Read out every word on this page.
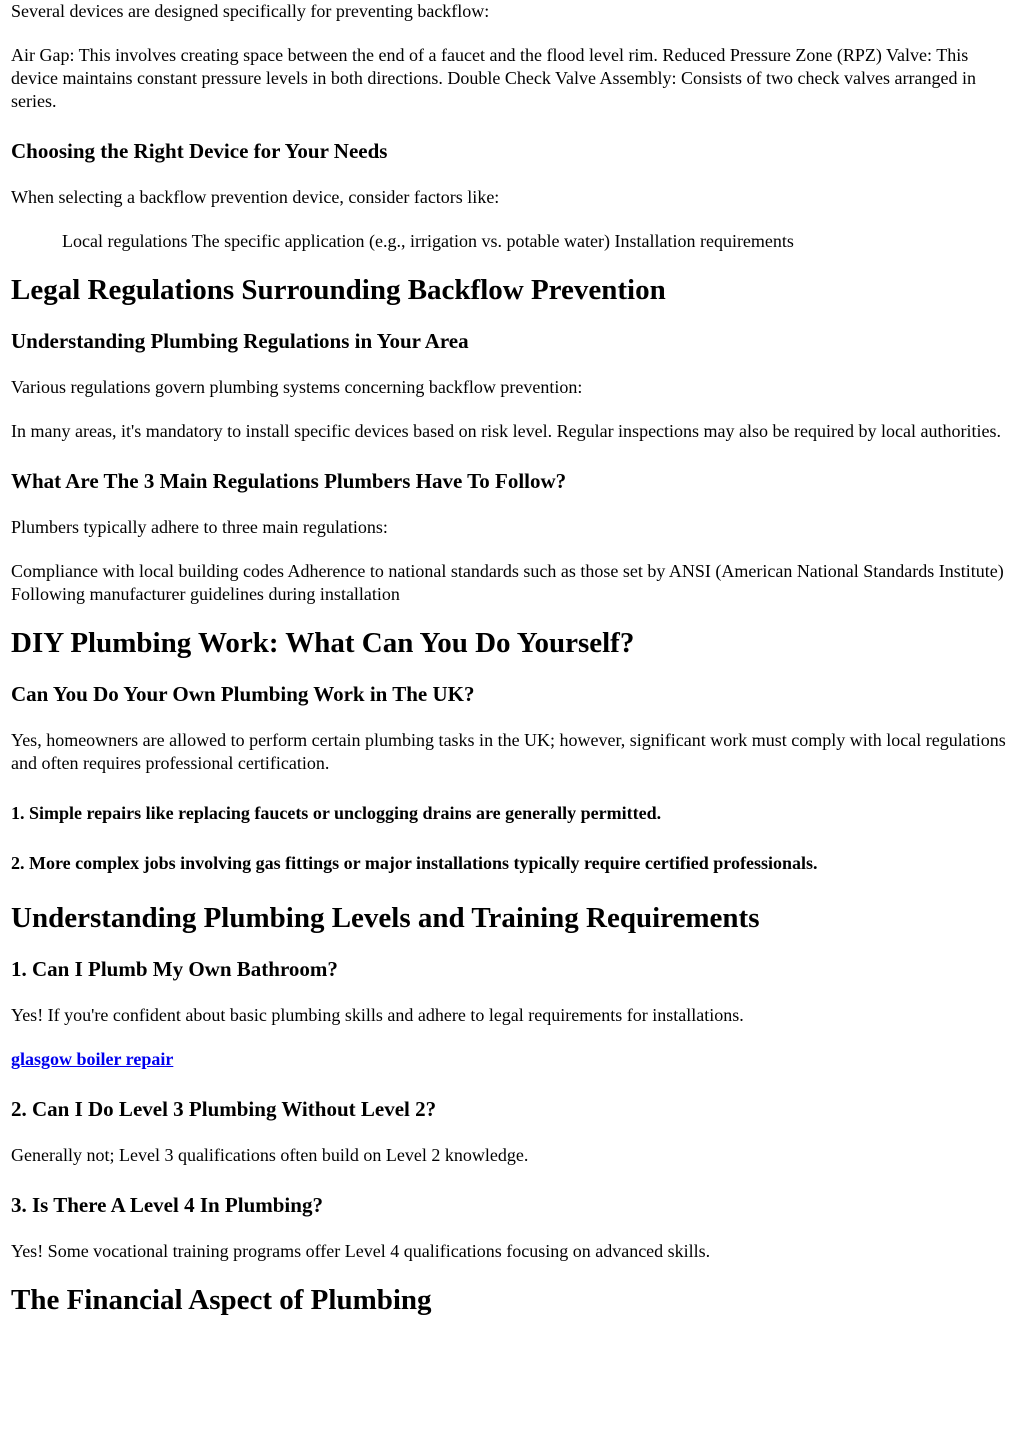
Several devices are designed specifically for preventing backflow:

Air Gap: This involves creating space between the end of a faucet and the flood level rim. Reduced Pressure Zone (RPZ) Valve: This device maintains constant pressure levels in both directions. Double Check Valve Assembly: Consists of two check valves arranged in series.

Choosing the Right Device for Your Needs

When selecting a backflow prevention device, consider factors like:

Local regulations The specific application (e.g., irrigation vs. potable water) Installation requirements

Legal Regulations Surrounding Backflow Prevention
Understanding Plumbing Regulations in Your Area

Various regulations govern plumbing systems concerning backflow prevention:

In many areas, it's mandatory to install specific devices based on risk level. Regular inspections may also be required by local authorities.

What Are The 3 Main Regulations Plumbers Have To Follow?

Plumbers typically adhere to three main regulations:

Compliance with local building codes Adherence to national standards such as those set by ANSI (American National Standards Institute) Following manufacturer guidelines during installation

DIY Plumbing Work: What Can You Do Yourself?
Can You Do Your Own Plumbing Work in The UK?

Yes, homeowners are allowed to perform certain plumbing tasks in the UK; however, significant work must comply with local regulations and often requires professional certification.

1. Simple repairs like replacing faucets or unclogging drains are generally permitted.

2. More complex jobs involving gas fittings or major installations typically require certified professionals.

Understanding Plumbing Levels and Training Requirements
1. Can I Plumb My Own Bathroom?

Yes! If you're confident about basic plumbing skills and adhere to legal requirements for installations.

glasgow boiler repair

2. Can I Do Level 3 Plumbing Without Level 2?

Generally not; Level 3 qualifications often build on Level 2 knowledge.

3. Is There A Level 4 In Plumbing?

Yes! Some vocational training programs offer Level 4 qualifications focusing on advanced skills.

The Financial Aspect of Plumbing
